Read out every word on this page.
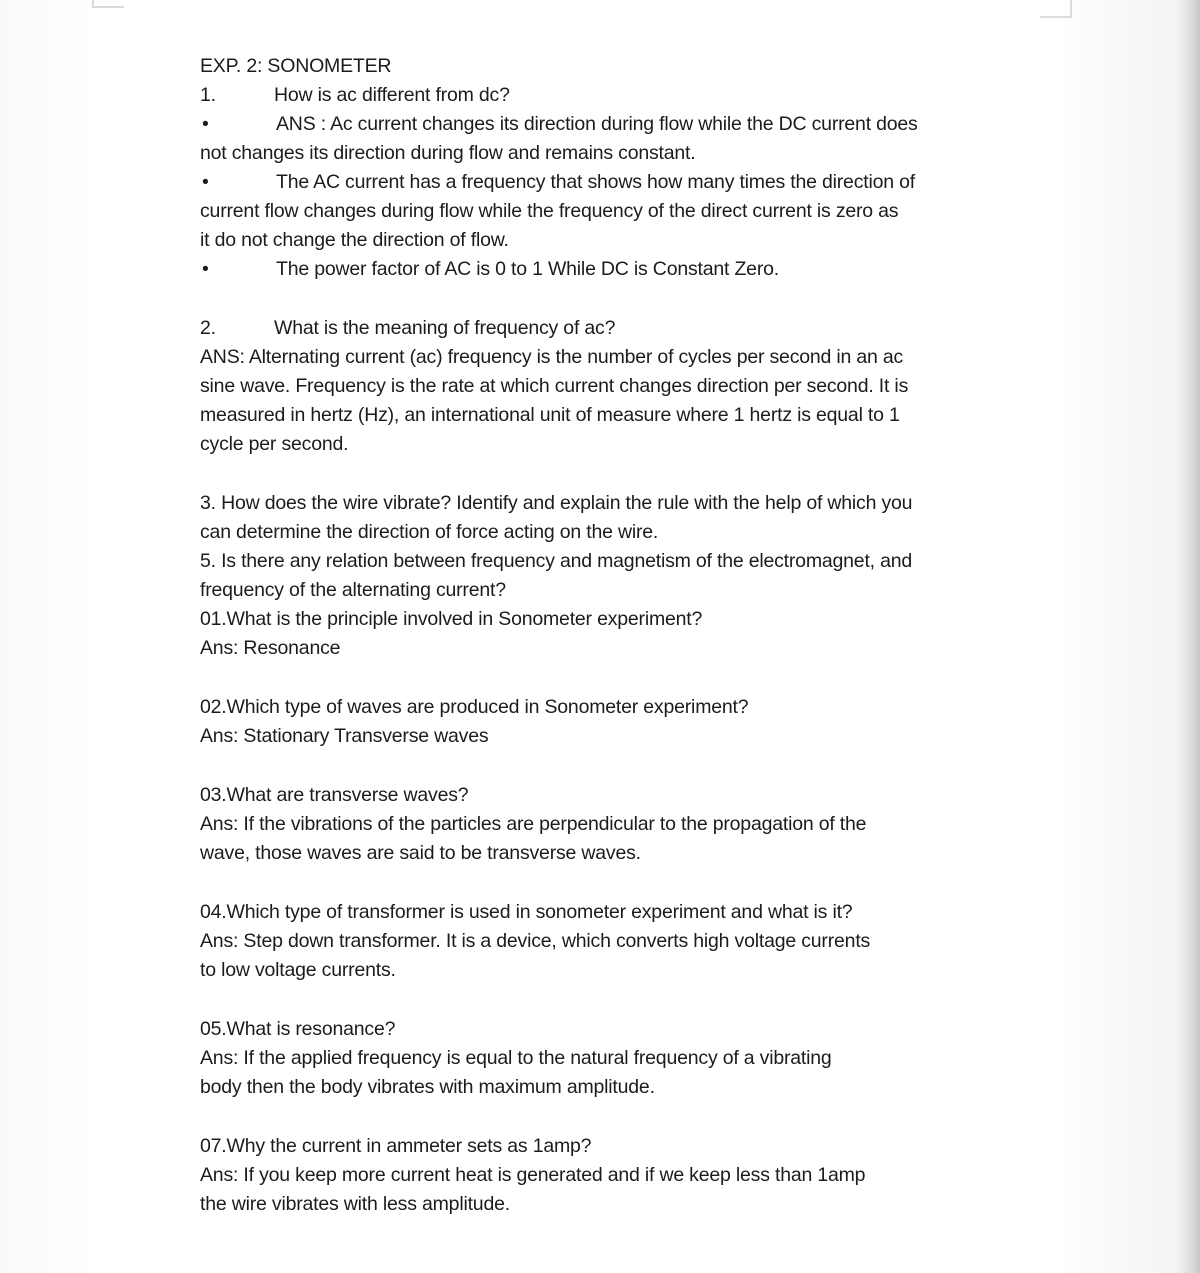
EXP. 2: SONOMETER
1.	How is ac different from dc?
•	ANS : Ac current changes its direction during flow while the DC current does
not changes its direction during flow and remains constant.
•	The AC current has a frequency that shows how many times the direction of
current flow changes during flow while the frequency of the direct current is zero as
it do not change the direction of flow.
•	The power factor of AC is 0 to 1 While DC is Constant Zero.
2.	What is the meaning of frequency of ac?
ANS: Alternating current (ac) frequency is the number of cycles per second in an ac
sine wave. Frequency is the rate at which current changes direction per second. It is
measured in hertz (Hz), an international unit of measure where 1 hertz is equal to 1
cycle per second.
3. How does the wire vibrate? Identify and explain the rule with the help of which you
can determine the direction of force acting on the wire.
5. Is there any relation between frequency and magnetism of the electromagnet, and
frequency of the alternating current?
01.What is the principle involved in Sonometer experiment?
Ans: Resonance
02.Which type of waves are produced in Sonometer experiment?
Ans: Stationary Transverse waves
03.What are transverse waves?
Ans: If the vibrations of the particles are perpendicular to the propagation of the
wave, those waves are said to be transverse waves.
04.Which type of transformer is used in sonometer experiment and what is it?
Ans: Step down transformer. It is a device, which converts high voltage currents
to low voltage currents.
05.What is resonance?
Ans: If the applied frequency is equal to the natural frequency of a vibrating
body then the body vibrates with maximum amplitude.
07.Why the current in ammeter sets as 1amp?
Ans: If you keep more current heat is generated and if we keep less than 1amp
the wire vibrates with less amplitude.
